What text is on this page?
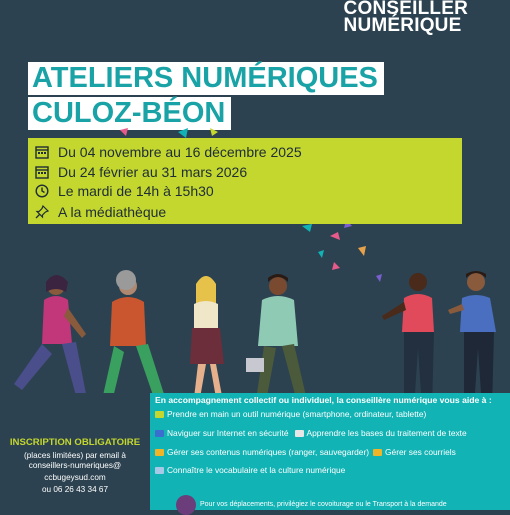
CONSEILLER
NUMÉRIQUE
ATELIERS NUMÉRIQUES
CULOZ-BÉON
Du 04 novembre au 16 décembre 2025
Du 24 février au 31 mars 2026
Le mardi de 14h à 15h30
A la médiathèque
INSCRIPTION OBLIGATOIRE
(places limitées) par email à
conseillers-numeriques@
ccbugeysud.com
ou 06 26 43 34 67
En accompagnement collectif ou individuel, la conseillère numérique vous aide à :
Prendre en main un outil numérique (smartphone, ordinateur, tablette)
Naviguer sur Internet en sécurité Apprendre les bases du traitement de texte
Gérer ses contenus numériques (ranger, sauvegarder) Gérer ses courriels
Connaître le vocabulaire et la culture numérique
Pour vos déplacements, privilégiez le covoiturage ou le Transport à la demande
